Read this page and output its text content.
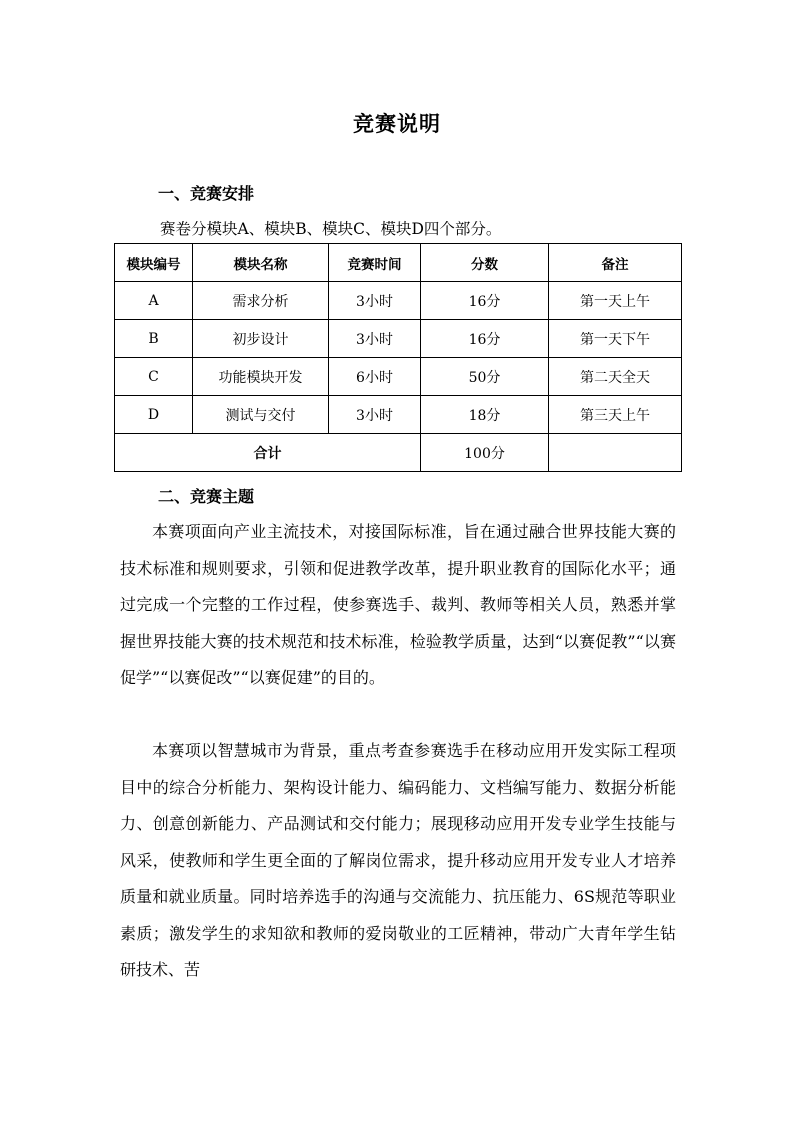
竞赛说明
一、竞赛安排
赛卷分模块A、模块B、模块C、模块D四个部分。
模块编号	模块名称	竞赛时间	分数	备注
A	需求分析	3小时	16分	第一天上午
B	初步设计	3小时	16分	第一天下午
C	功能模块开发	6小时	50分	第二天全天
D	测试与交付	3小时	18分	第三天上午
合计			100分	
二、竞赛主题

本赛项面向产业主流技术，对接国际标准，旨在通过融合世界技能大赛的技术标准和规则要求，引领和促进教学改革，提升职业教育的国际化水平；通过完成一个完整的工作过程，使参赛选手、裁判、教师等相关人员，熟悉并掌握世界技能大赛的技术规范和技术标准，检验教学质量，达到“以赛促教”“以赛促学”“以赛促改”“以赛促建”的目的。

本赛项以智慧城市为背景，重点考查参赛选手在移动应用开发实际工程项目中的综合分析能力、架构设计能力、编码能力、文档编写能力、数据分析能力、创意创新能力、产品测试和交付能力；展现移动应用开发专业学生技能与风采，使教师和学生更全面的了解岗位需求，提升移动应用开发专业人才培养质量和就业质量。同时培养选手的沟通与交流能力、抗压能力、6S规范等职业素质；激发学生的求知欲和教师的爱岗敬业的工匠精神，带动广大青年学生钻研技术、苦
